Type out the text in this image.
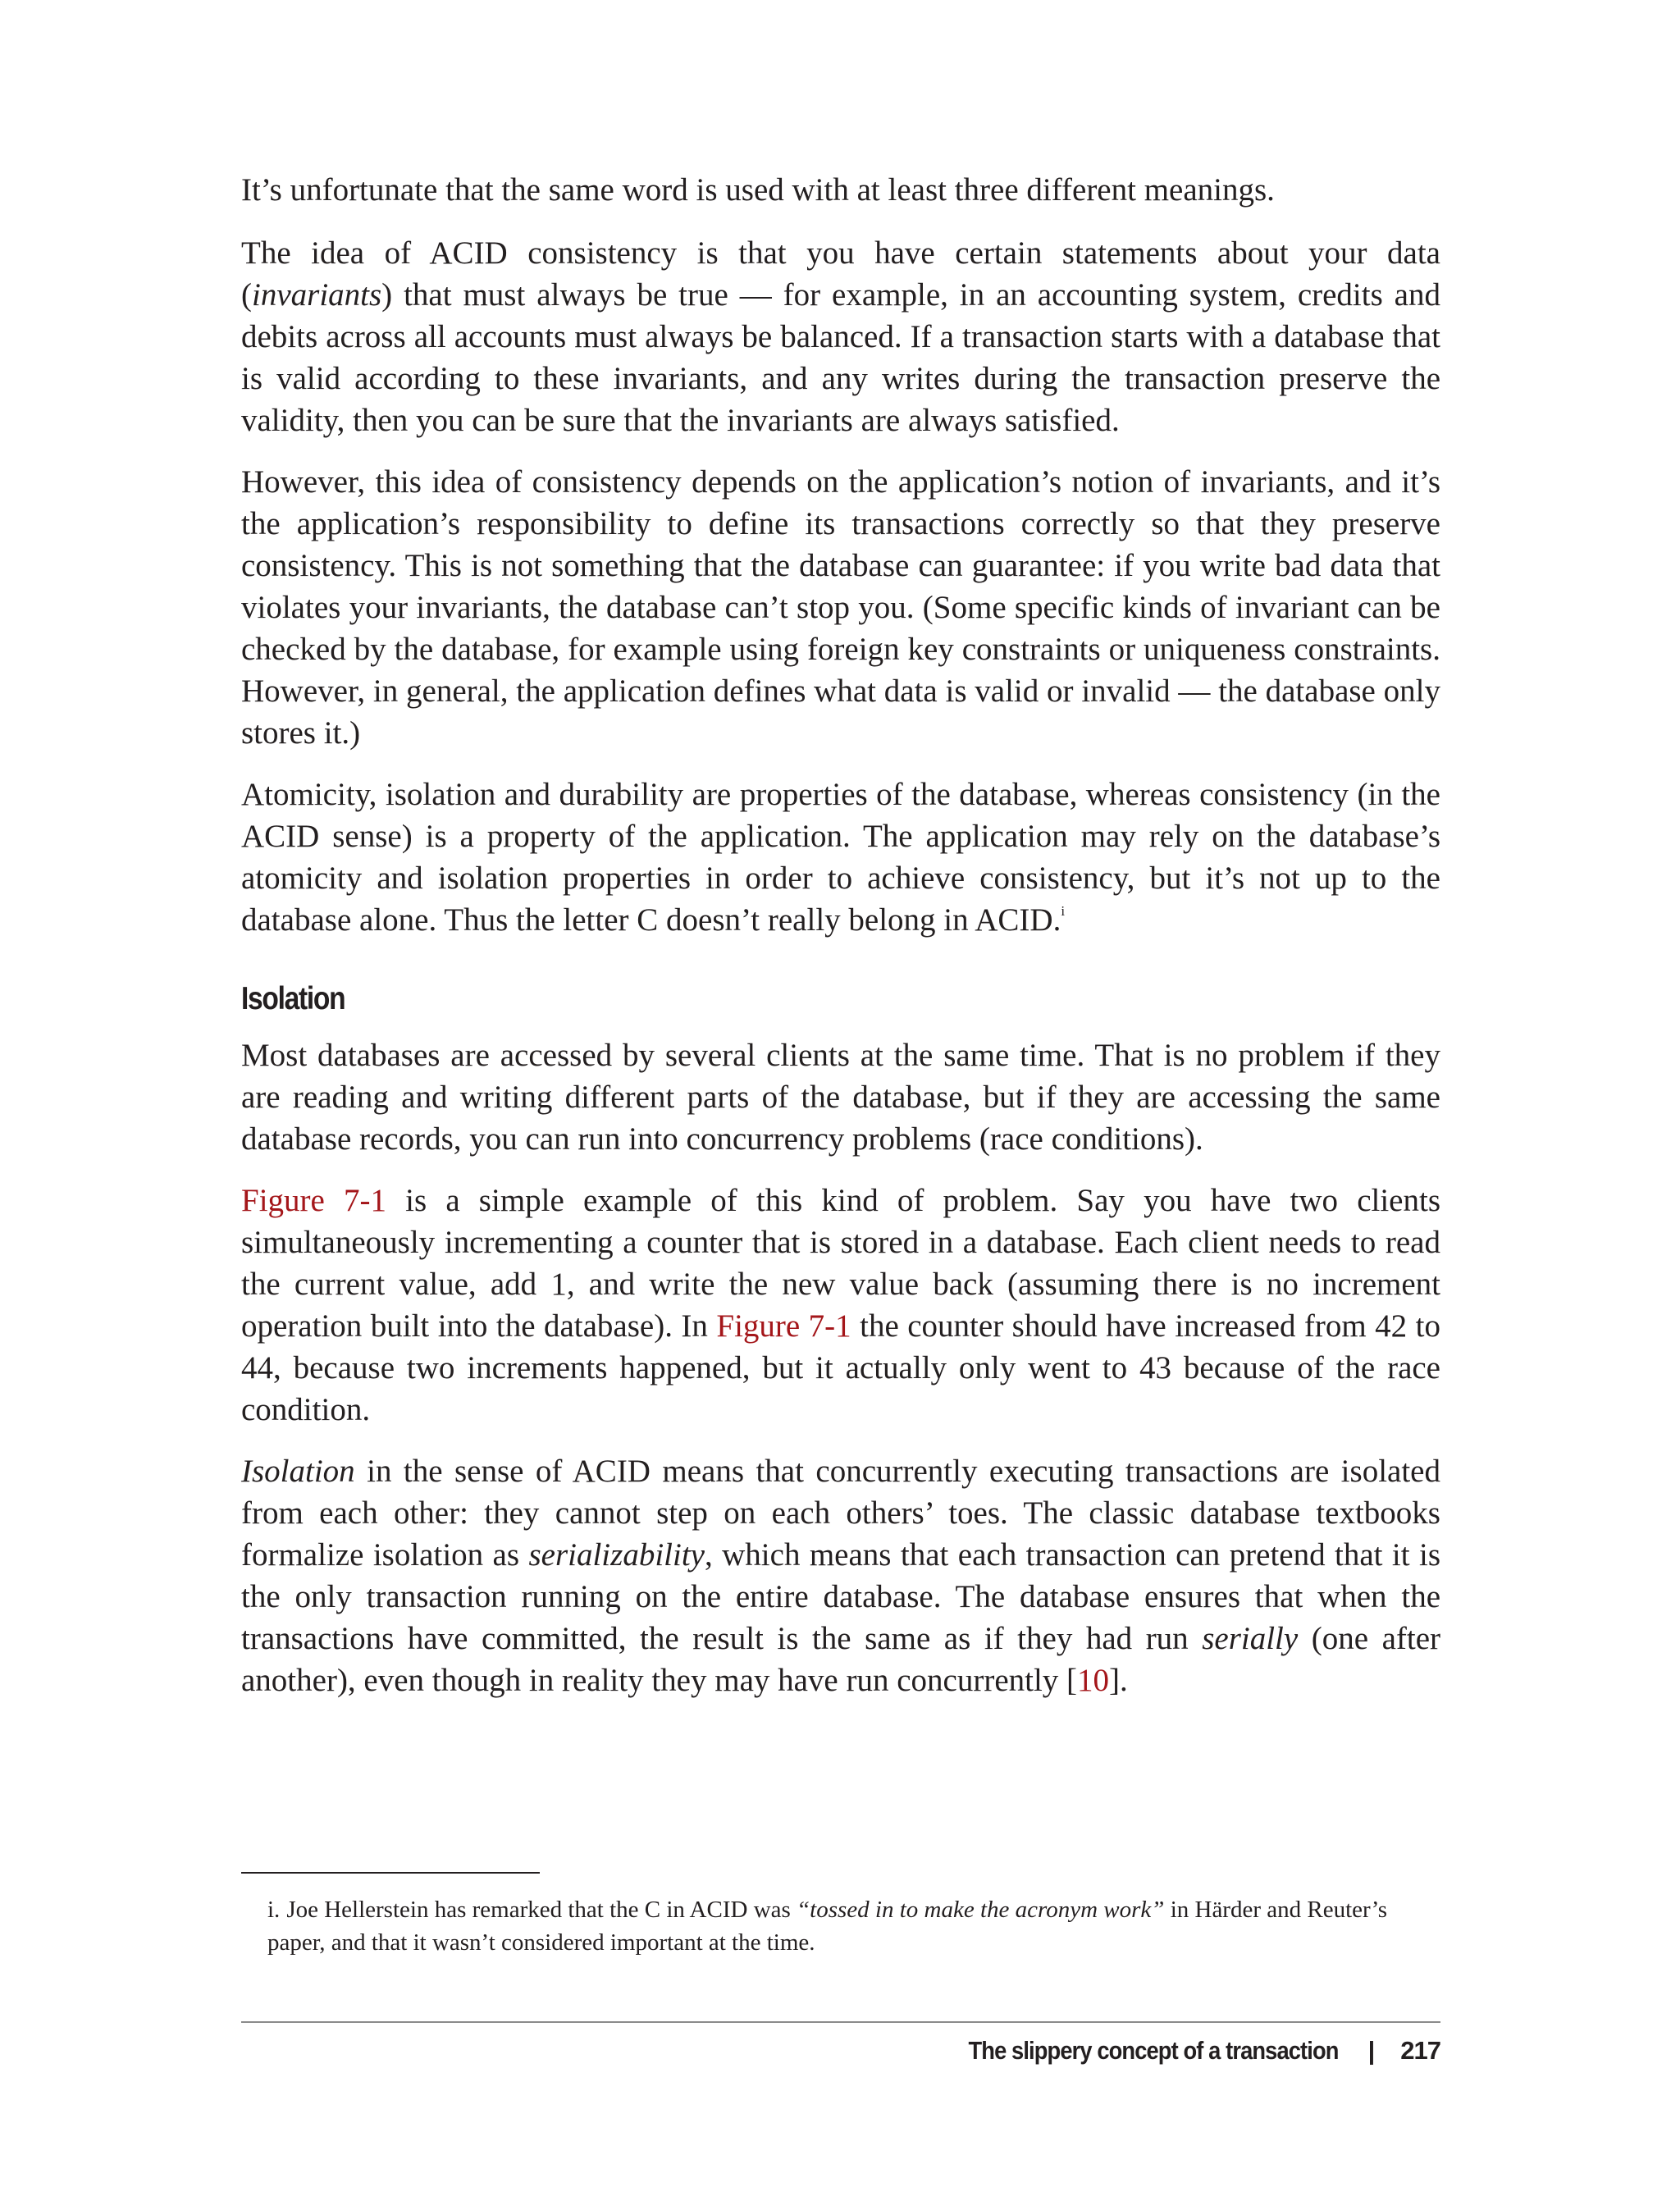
It’s unfortunate that the same word is used with at least three different meanings.

The idea of ACID consistency is that you have certain statements about your data (invariants) that must always be true — for example, in an accounting system, credits and debits across all accounts must always be balanced. If a transaction starts with a database that is valid according to these invariants, and any writes during the transaction preserve the validity, then you can be sure that the invariants are always satisfied.

However, this idea of consistency depends on the application’s notion of invariants, and it’s the application’s responsibility to define its transactions correctly so that they preserve consistency. This is not something that the database can guarantee: if you write bad data that violates your invariants, the database can’t stop you. (Some specific kinds of invariant can be checked by the database, for example using foreign key constraints or uniqueness constraints. However, in general, the application defines what data is valid or invalid — the database only stores it.)

Atomicity, isolation and durability are properties of the database, whereas consistency (in the ACID sense) is a property of the application. The application may rely on the database’s atomicity and isolation properties in order to achieve consistency, but it’s not up to the database alone. Thus the letter C doesn’t really belong in ACID.$^i$

Isolation

Most databases are accessed by several clients at the same time. That is no problem if they are reading and writing different parts of the database, but if they are accessing the same database records, you can run into concurrency problems (race conditions).

Figure 7-1 is a simple example of this kind of problem. Say you have two clients simultaneously incrementing a counter that is stored in a database. Each client needs to read the current value, add 1, and write the new value back (assuming there is no increment operation built into the database). In Figure 7-1 the counter should have increased from 42 to 44, because two increments happened, but it actually only went to 43 because of the race condition.

Isolation in the sense of ACID means that concurrently executing transactions are isolated from each other: they cannot step on each others’ toes. The classic database textbooks formalize isolation as serializability, which means that each transaction can pretend that it is the only transaction running on the entire database. The database ensures that when the transactions have committed, the result is the same as if they had run serially (one after another), even though in reality they may have run concurrently [10].

i. Joe Hellerstein has remarked that the C in ACID was “tossed in to make the acronym work” in Härder and Reuter’s paper, and that it wasn’t considered important at the time.
The slippery concept of a transaction | 217
